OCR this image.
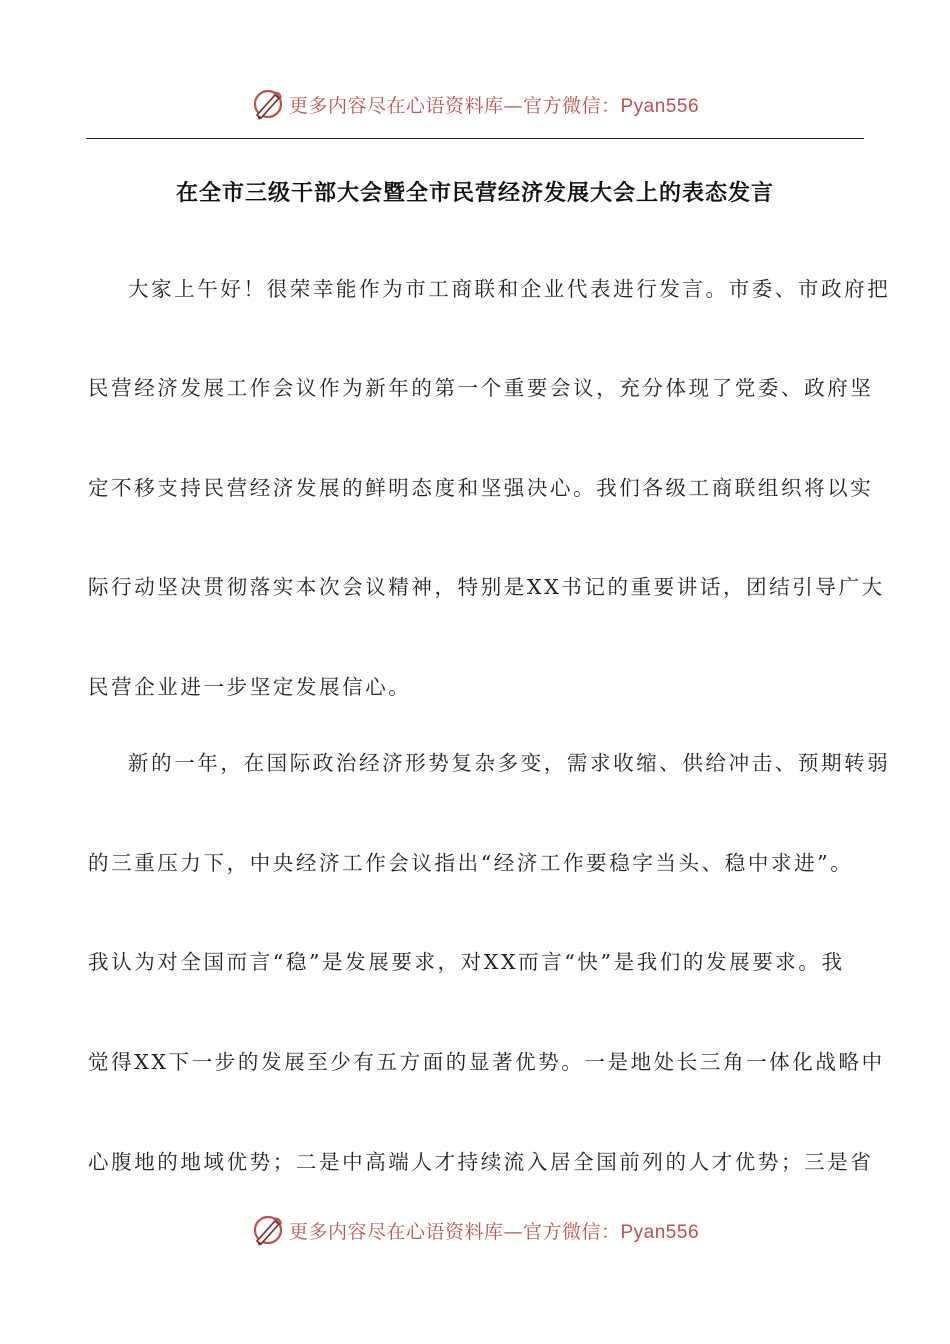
更多内容尽在心语资料库—官方微信：Pyan556
在全市三级干部大会暨全市民营经济发展大会上的表态发言
大家上午好！很荣幸能作为市工商联和企业代表进行发言。市委、市政府把
民营经济发展工作会议作为新年的第一个重要会议，充分体现了党委、政府坚
定不移支持民营经济发展的鲜明态度和坚强决心。我们各级工商联组织将以实
际行动坚决贯彻落实本次会议精神，特别是XX书记的重要讲话，团结引导广大
民营企业进一步坚定发展信心。
新的一年，在国际政治经济形势复杂多变，需求收缩、供给冲击、预期转弱
的三重压力下，中央经济工作会议指出“经济工作要稳字当头、稳中求进”。
我认为对全国而言“稳”是发展要求，对XX而言“快”是我们的发展要求。我
觉得XX下一步的发展至少有五方面的显著优势。一是地处长三角一体化战略中
心腹地的地域优势；二是中高端人才持续流入居全国前列的人才优势；三是省
更多内容尽在心语资料库—官方微信：Pyan556
